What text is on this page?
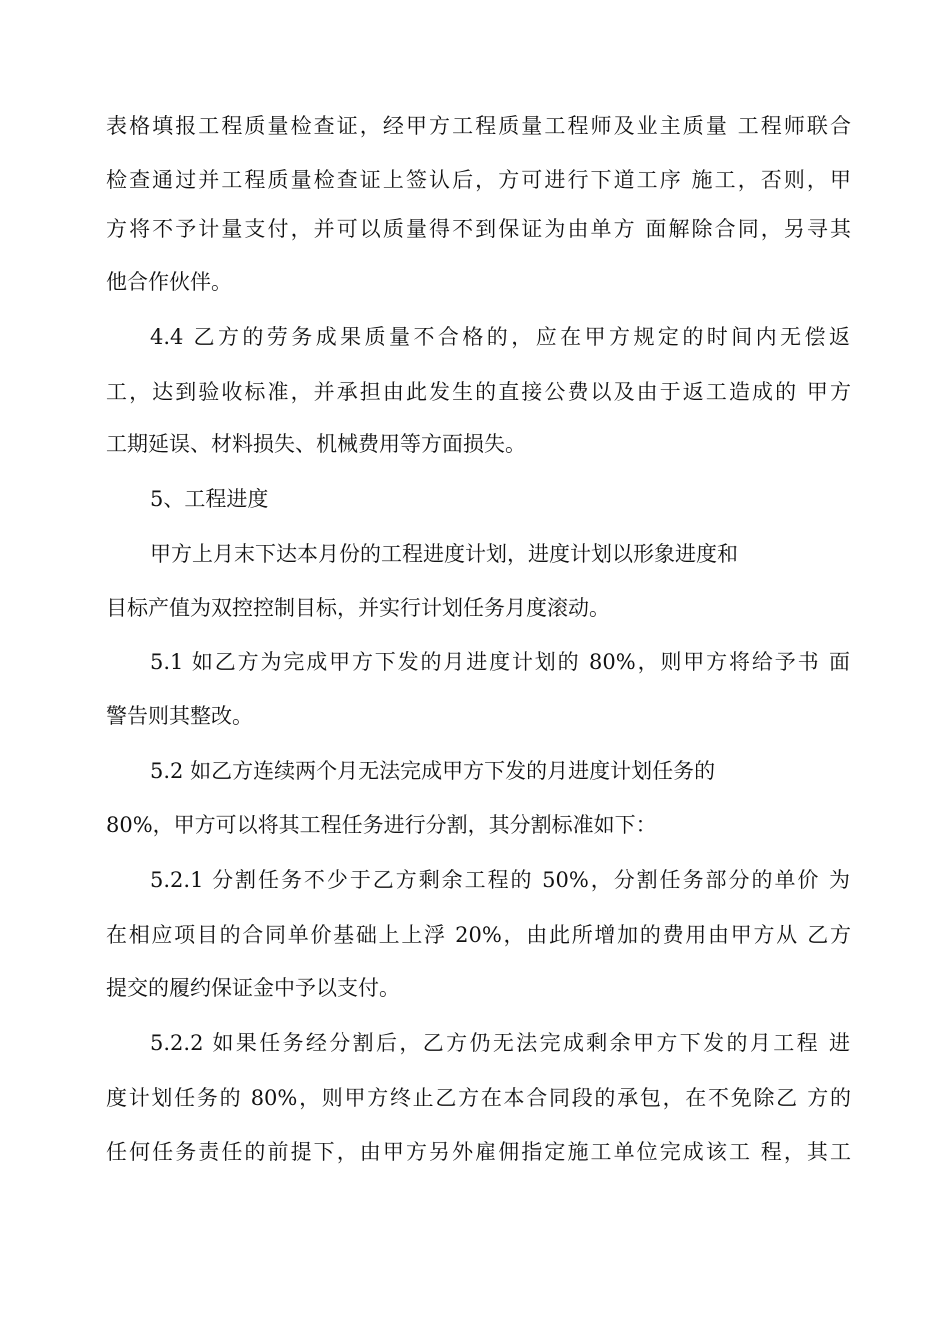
表格填报工程质量检查证，经甲方工程质量工程师及业主质量 工程师联合
检查通过并工程质量检查证上签认后，方可进行下道工序 施工，否则，甲
方将不予计量支付，并可以质量得不到保证为由单方 面解除合同，另寻其
他合作伙伴。
4.4 乙方的劳务成果质量不合格的，应在甲方规定的时间内无偿返
工，达到验收标准，并承担由此发生的直接公费以及由于返工造成的 甲方
工期延误、材料损失、机械费用等方面损失。
5、工程进度
甲方上月末下达本月份的工程进度计划，进度计划以形象进度和
目标产值为双控控制目标，并实行计划任务月度滚动。
5.1 如乙方为完成甲方下发的月进度计划的 80%，则甲方将给予书 面
警告则其整改。
5.2 如乙方连续两个月无法完成甲方下发的月进度计划任务的
80%，甲方可以将其工程任务进行分割，其分割标准如下：
5.2.1 分割任务不少于乙方剩余工程的 50%，分割任务部分的单价 为
在相应项目的合同单价基础上上浮 20%，由此所增加的费用由甲方从 乙方
提交的履约保证金中予以支付。
5.2.2 如果任务经分割后，乙方仍无法完成剩余甲方下发的月工程 进
度计划任务的 80%，则甲方终止乙方在本合同段的承包，在不免除乙 方的
任何任务责任的前提下，由甲方另外雇佣指定施工单位完成该工 程，其工
